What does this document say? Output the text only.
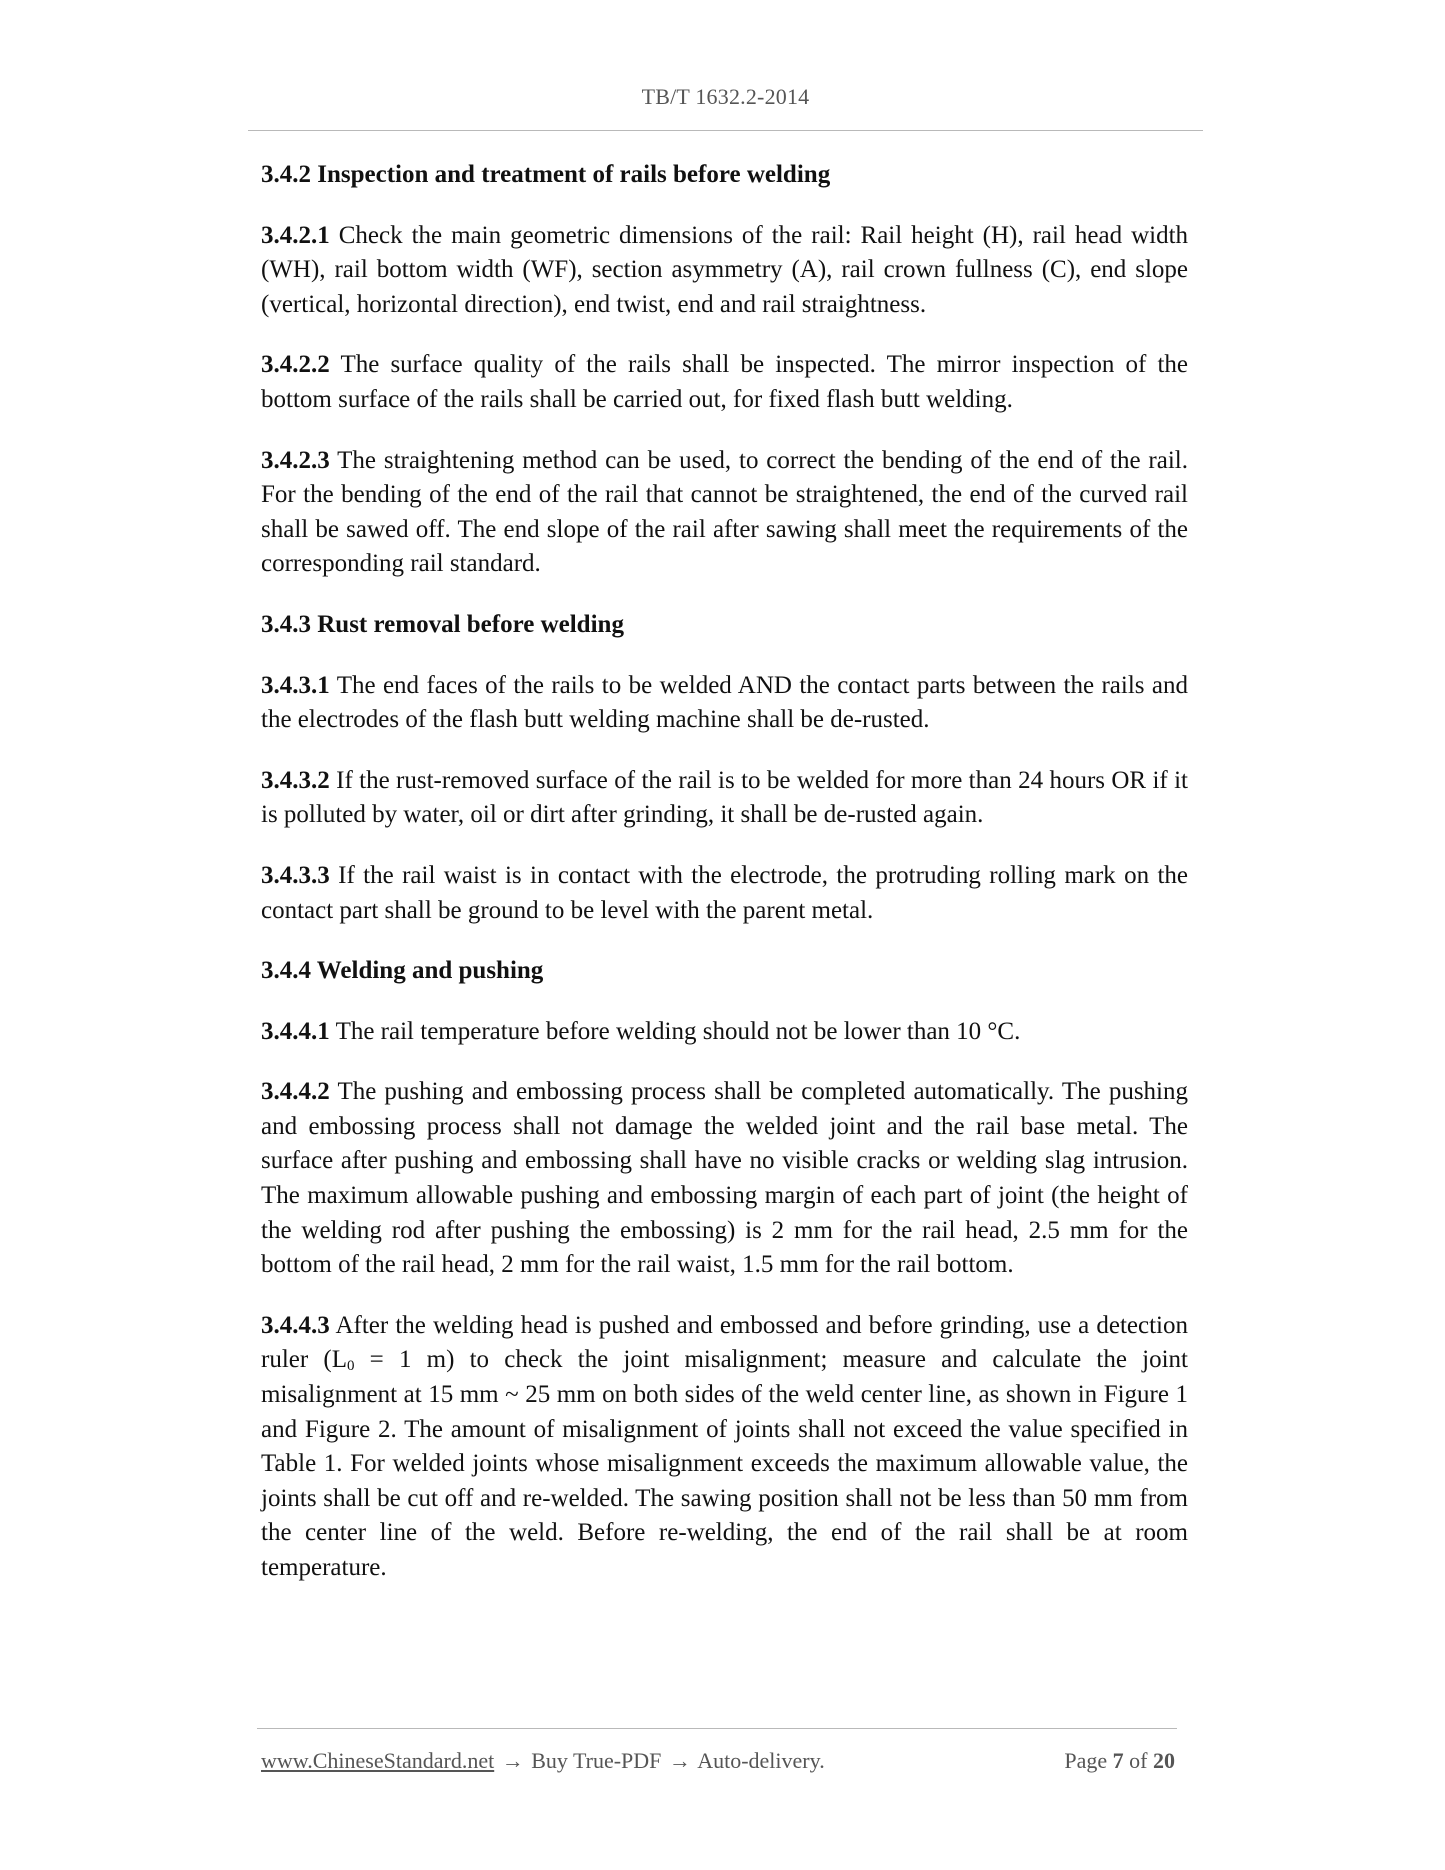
TB/T 1632.2-2014
3.4.2 Inspection and treatment of rails before welding

3.4.2.1 Check the main geometric dimensions of the rail: Rail height (H), rail head width (WH), rail bottom width (WF), section asymmetry (A), rail crown fullness (C), end slope (vertical, horizontal direction), end twist, end and rail straightness.

3.4.2.2 The surface quality of the rails shall be inspected. The mirror inspection of the bottom surface of the rails shall be carried out, for fixed flash butt welding.

3.4.2.3 The straightening method can be used, to correct the bending of the end of the rail. For the bending of the end of the rail that cannot be straightened, the end of the curved rail shall be sawed off. The end slope of the rail after sawing shall meet the requirements of the corresponding rail standard.

3.4.3 Rust removal before welding

3.4.3.1 The end faces of the rails to be welded AND the contact parts between the rails and the electrodes of the flash butt welding machine shall be de-rusted.

3.4.3.2 If the rust-removed surface of the rail is to be welded for more than 24 hours OR if it is polluted by water, oil or dirt after grinding, it shall be de-rusted again.

3.4.3.3 If the rail waist is in contact with the electrode, the protruding rolling mark on the contact part shall be ground to be level with the parent metal.

3.4.4 Welding and pushing

3.4.4.1 The rail temperature before welding should not be lower than 10 °C.

3.4.4.2 The pushing and embossing process shall be completed automatically. The pushing and embossing process shall not damage the welded joint and the rail base metal. The surface after pushing and embossing shall have no visible cracks or welding slag intrusion. The maximum allowable pushing and embossing margin of each part of joint (the height of the welding rod after pushing the embossing) is 2 mm for the rail head, 2.5 mm for the bottom of the rail head, 2 mm for the rail waist, 1.5 mm for the rail bottom.

3.4.4.3 After the welding head is pushed and embossed and before grinding, use a detection ruler ($L_0 = 1$ m) to check the joint misalignment; measure and calculate the joint misalignment at 15 mm ~ 25 mm on both sides of the weld center line, as shown in Figure 1 and Figure 2. The amount of misalignment of joints shall not exceed the value specified in Table 1. For welded joints whose misalignment exceeds the maximum allowable value, the joints shall be cut off and re-welded. The sawing position shall not be less than 50 mm from the center line of the weld. Before re-welding, the end of the rail shall be at room temperature.

www.ChineseStandard.net → Buy True-PDF → Auto-delivery.	Page 7 of 20
